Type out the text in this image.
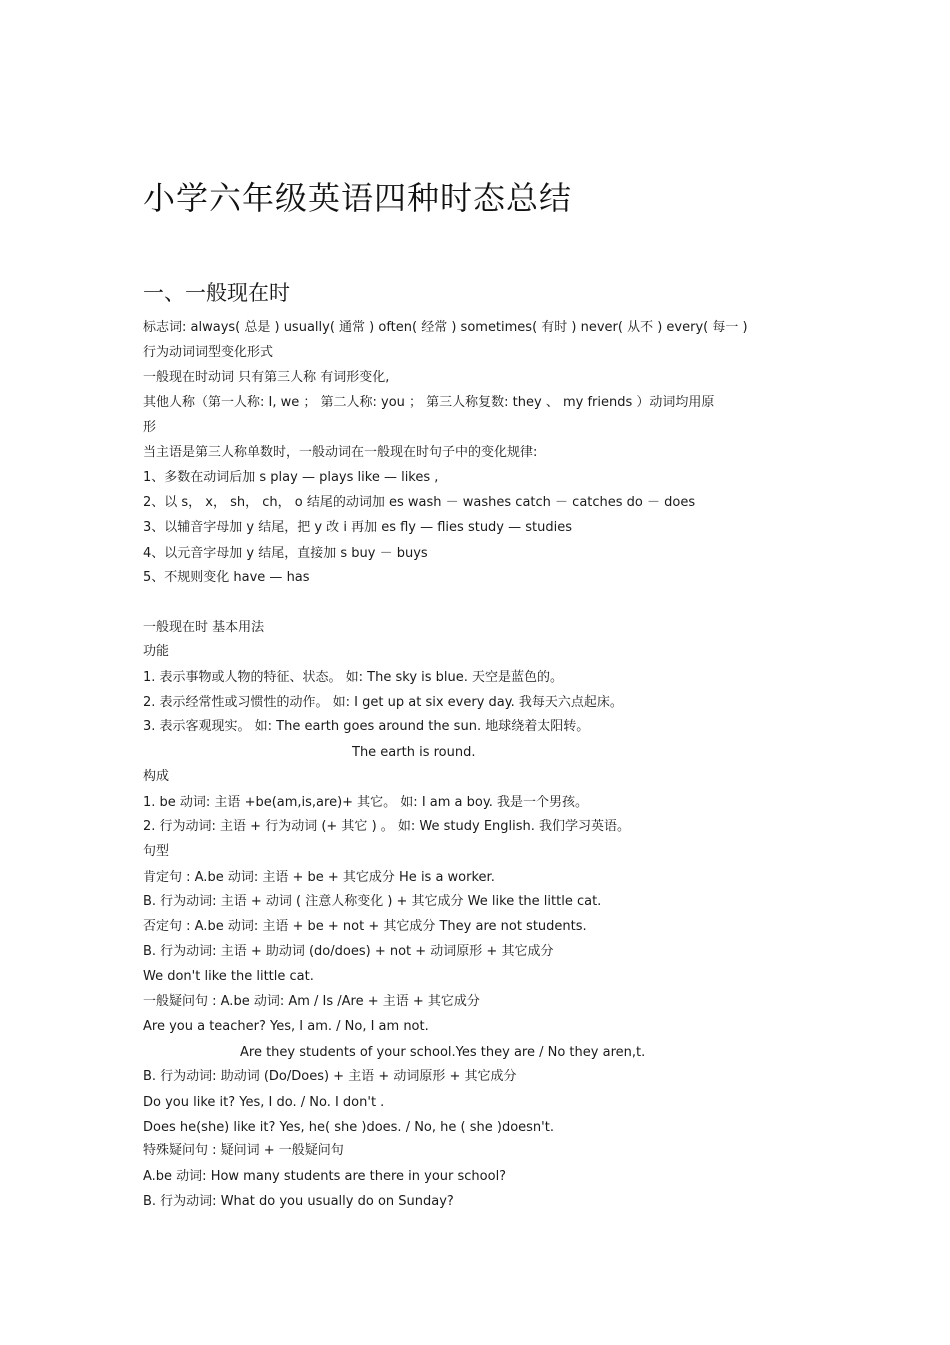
小学六年级英语四种时态总结
一、一般现在时
标志词: always( 总是 ) usually( 通常 ) often( 经常 ) sometimes( 有时 ) never( 从不 ) every( 每一 )
行为动词词型变化形式
一般现在时动词 只有第三人称 有词形变化,
其他人称（第一人称: I, we ； 第二人称: you ； 第三人称复数: they 、 my friends ）动词均用原
形
当主语是第三人称单数时，一般动词在一般现在时句子中的变化规律:
1、多数在动词后加 s play — plays like — likes ,
2、以 s， x， sh， ch， o 结尾的动词加 es wash － washes catch － catches do － does
3、以辅音字母加 y 结尾，把 y 改 i 再加 es fly — flies study — studies
4、以元音字母加 y 结尾，直接加 s buy － buys
5、不规则变化 have — has
一般现在时 基本用法
功能
1. 表示事物或人物的特征、状态。 如: The sky is blue. 天空是蓝色的。
2. 表示经常性或习惯性的动作。 如: I get up at six every day. 我每天六点起床。
3. 表示客观现实。 如: The earth goes around the sun. 地球绕着太阳转。
The earth is round.
构成
1. be 动词: 主语 +be(am,is,are)+ 其它。 如: I am a boy. 我是一个男孩。
2. 行为动词: 主语 + 行为动词 (+ 其它 ) 。 如: We study English. 我们学习英语。
句型
肯定句 : A.be 动词: 主语 + be + 其它成分 He is a worker.
B. 行为动词: 主语 + 动词 ( 注意人称变化 ) + 其它成分 We like the little cat.
否定句 : A.be 动词: 主语 + be + not + 其它成分 They are not students.
B. 行为动词: 主语 + 助动词 (do/does) + not + 动词原形 + 其它成分
We don't like the little cat.
一般疑问句 : A.be 动词: Am / Is /Are + 主语 + 其它成分
Are you a teacher? Yes, I am. / No, I am not.
Are they students of your school.Yes they are / No they aren,t.
B. 行为动词: 助动词 (Do/Does) + 主语 + 动词原形 + 其它成分
Do you like it? Yes, I do. / No. I don't .
Does he(she) like it? Yes, he( she )does. / No, he ( she )doesn't.
特殊疑问句 : 疑问词 + 一般疑问句
A.be 动词: How many students are there in your school?
B. 行为动词: What do you usually do on Sunday?
